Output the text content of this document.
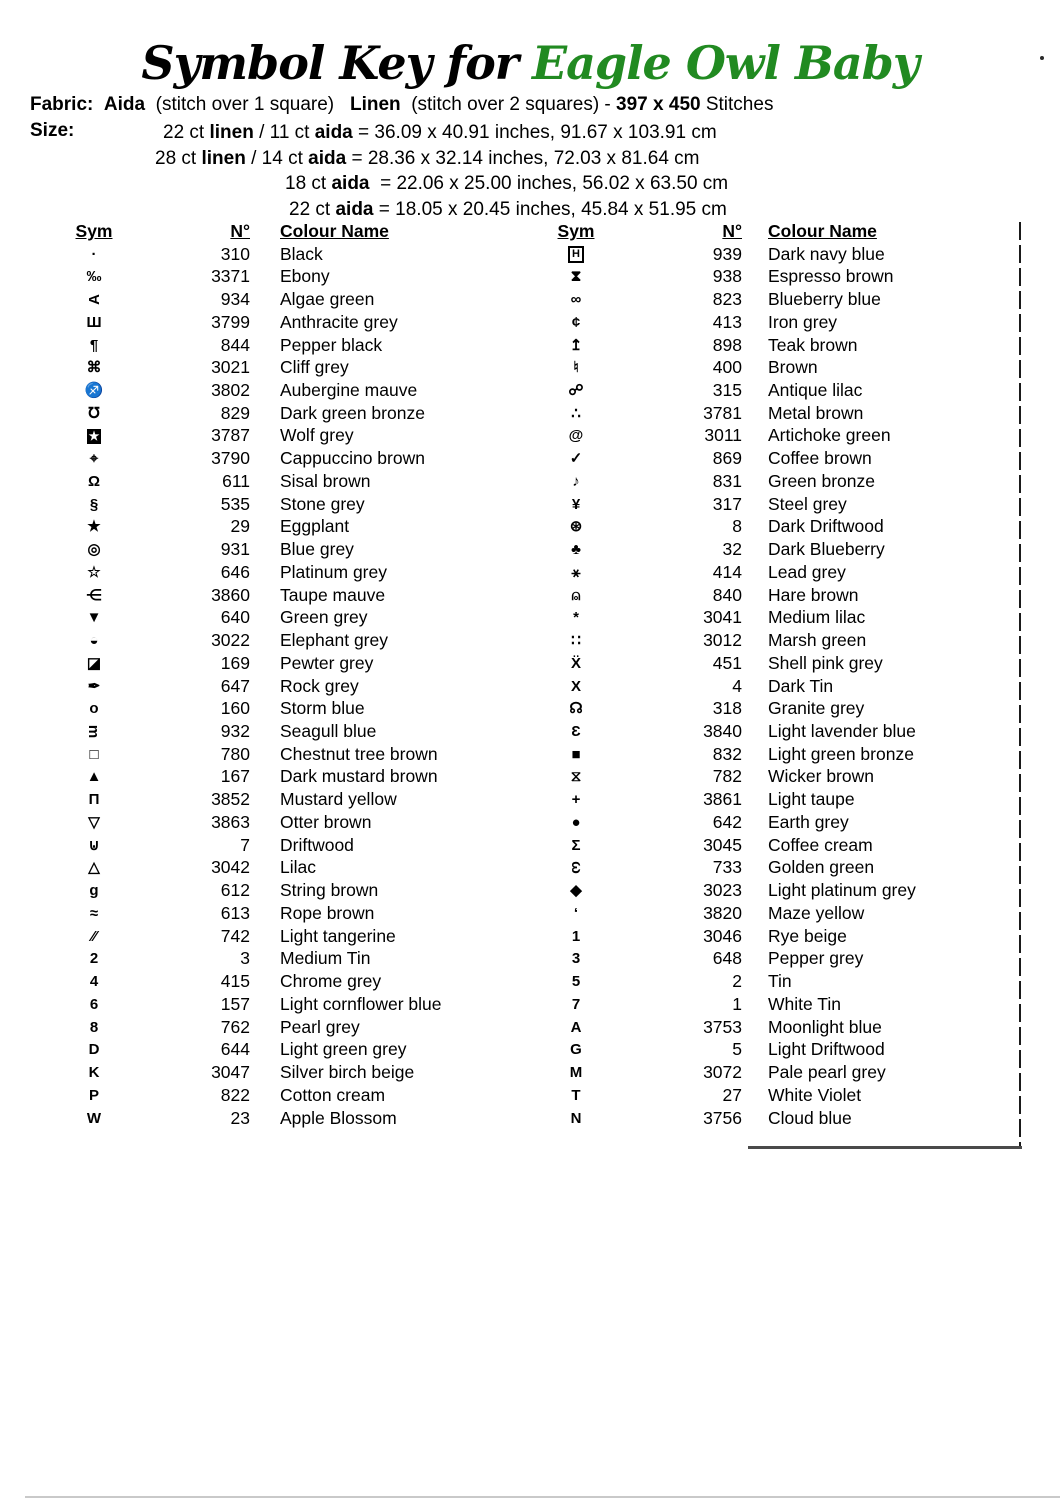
Symbol Key for Eagle Owl Baby
Fabric: Aida  (stitch over 1 square)   Linen  (stitch over 2 squares) - 397 x 450 Stitches
Size:	22 ct linen / 11 ct aida = 36.09 x 40.91 inches, 91.67 x 103.91 cm
28 ct linen / 14 ct aida = 28.36 x 32.14 inches, 72.03 x 81.64 cm
18 ct aida  = 22.06 x 25.00 inches, 56.02 x 63.50 cm
22 ct aida = 18.05 x 20.45 inches, 45.84 x 51.95 cm
Sym	N°	Colour Name
·	310	Black
‰	3371	Ebony
A	934	Algae green
Ш	3799	Anthracite grey
¶	844	Pepper black
⌘	3021	Cliff grey
♐	3802	Aubergine mauve
℧	829	Dark green bronze
★	3787	Wolf grey
⌖	3790	Cappuccino brown
Ω	611	Sisal brown
§	535	Stone grey
★	29	Eggplant
◎	931	Blue grey
☆	646	Platinum grey
⋲	3860	Taupe mauve
▼	640	Green grey
◒	3022	Elephant grey
◪	169	Pewter grey
✒	647	Rock grey
o	160	Storm blue
m	932	Seagull blue
□	780	Chestnut tree brown
▲	167	Dark mustard brown
Π	3852	Mustard yellow
▽	3863	Otter brown
⊍	7	Driftwood
△	3042	Lilac
g	612	String brown
≈	613	Rope brown
⁄⁄	742	Light tangerine
2	3	Medium Tin
4	415	Chrome grey
6	157	Light cornflower blue
8	762	Pearl grey
D	644	Light green grey
K	3047	Silver birch beige
P	822	Cotton cream
W	23	Apple Blossom
Sym	N°	Colour Name
H	939	Dark navy blue
⧗	938	Espresso brown
∞	823	Blueberry blue
¢	413	Iron grey
↥	898	Teak brown
♮	400	Brown
☍	315	Antique lilac
∴	3781	Metal brown
@	3011	Artichoke green
✓	869	Coffee brown
♪	831	Green bronze
¥	317	Steel grey
⊛	8	Dark Driftwood
♣	32	Dark Blueberry
⚹	414	Lead grey
⍝	840	Hare brown
*	3041	Medium lilac
∷	3012	Marsh green
Ẍ	451	Shell pink grey
X	4	Dark Tin
☊	318	Granite grey
Ɛ	3840	Light lavender blue
■	832	Light green bronze
⧖	782	Wicker brown
+	3861	Light taupe
●	642	Earth grey
Σ	3045	Coffee cream
ω	733	Golden green
◆	3023	Light platinum grey
‘	3820	Maze yellow
1	3046	Rye beige
3	648	Pepper grey
5	2	Tin
7	1	White Tin
A	3753	Moonlight blue
G	5	Light Driftwood
M	3072	Pale pearl grey
T	27	White Violet
N	3756	Cloud blue
